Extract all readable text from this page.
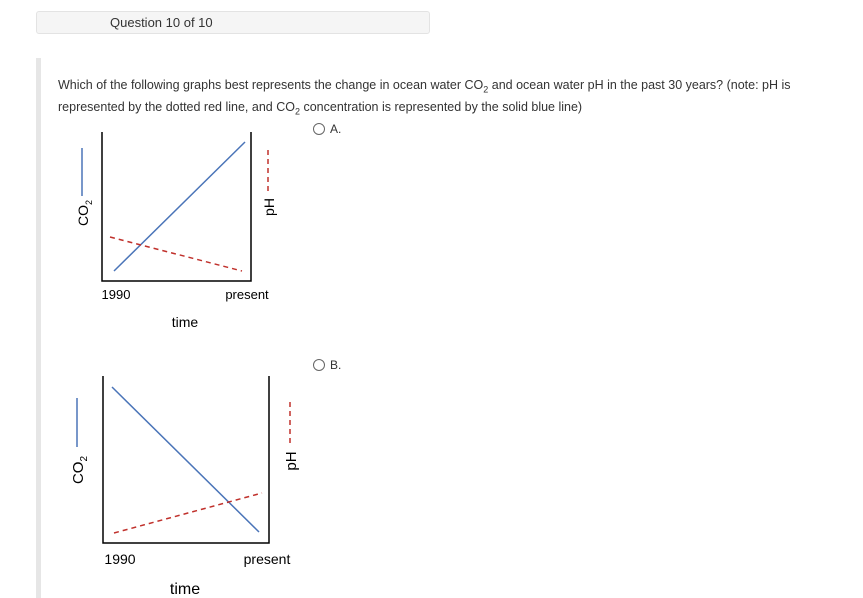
Question 10 of 10
Which of the following graphs best represents the change in ocean water $CO_2$ and ocean water pH in the past 30 years? (note: pH is represented by the dotted red line, and $CO_2$ concentration is represented by the solid blue line)
A.
B.
$CO_2$	pH
1990	present
time
$CO_2$	pH
1990	present
time
